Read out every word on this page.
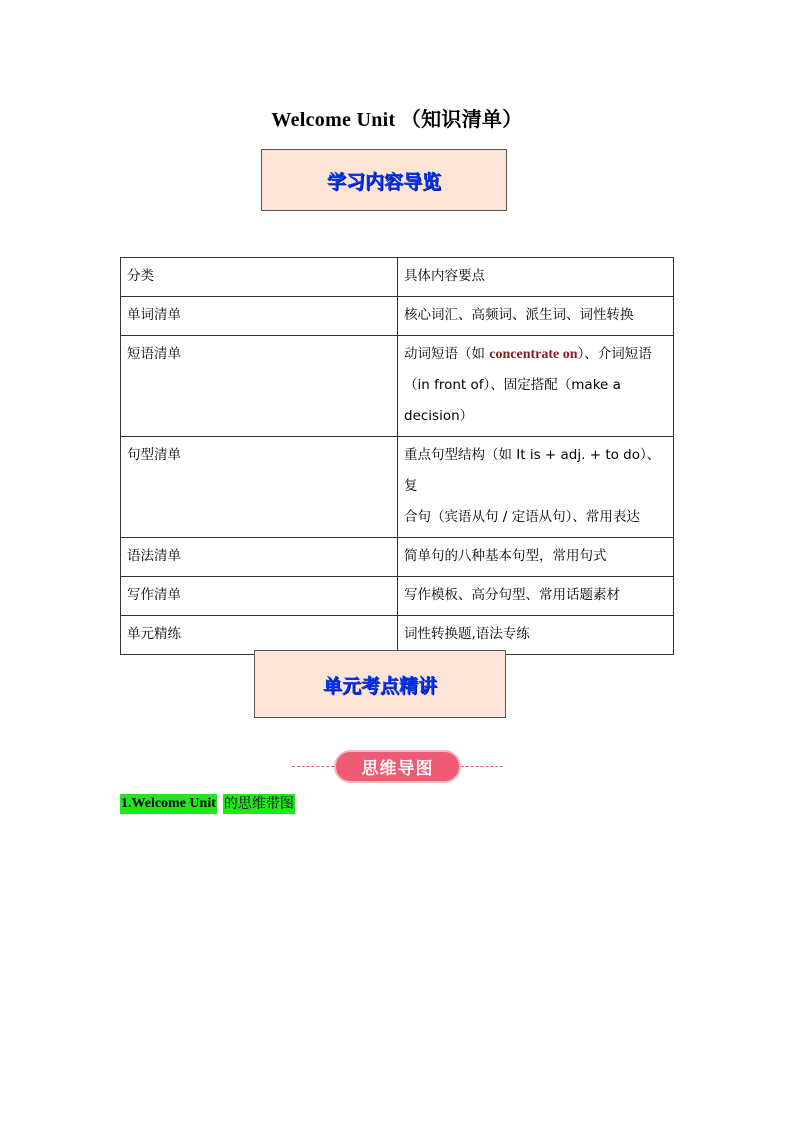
Welcome Unit （知识清单）
学习内容导览
分类	具体内容要点
单词清单	核心词汇、高频词、派生词、词性转换
短语清单	动词短语（如 concentrate on）、介词短语
（in front of）、固定搭配（make a decision）
句型清单	重点句型结构（如 It is + adj. + to do）、复
合句（宾语从句 / 定语从句）、常用表达
语法清单	简单句的八种基本句型，常用句式
写作清单	写作模板、高分句型、常用话题素材
单元精练	词性转换题,语法专练
单元考点精讲
思维导图
1.Welcome Unit 的思维带图
